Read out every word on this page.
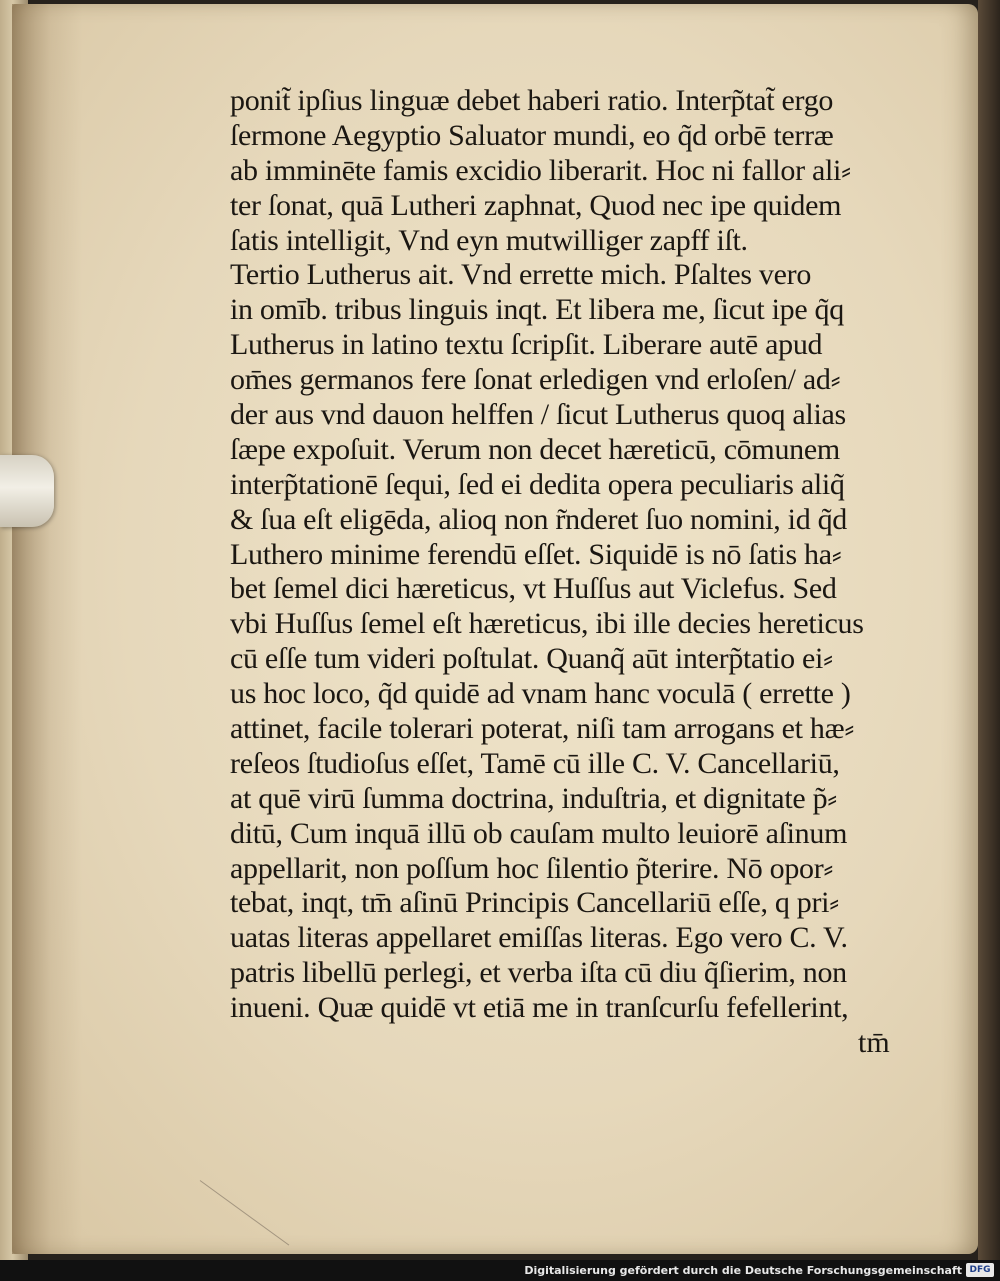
ponit̃ ipſius linguæ debet haberi ratio. Interp̃tat̃ ergo
ſermone Aegyptio Saluator mundi, eo q̃d orbē terræ
ab imminēte famis excidio liberarit. Hoc ni fallor ali⸗
ter ſonat, quā Lutheri zaphnat, Quod nec ipe quidem
ſatis intelligit, Vnd eyn mutwilliger zapff iſt.
Tertio Lutherus ait. Vnd errette mich. Pſaltes vero
in omīb. tribus linguis inqt. Et libera me, ſicut ipe q̃q
Lutherus in latino textu ſcripſit. Liberare autē apud
om̄es germanos fere ſonat erledigen vnd erloſen/ ad⸗
der aus vnd dauon helffen / ſicut Lutherus quoq alias
ſæpe expoſuit. Verum non decet hæreticū, cōmunem
interp̃tationē ſequi, ſed ei dedita opera peculiaris aliq̃
& ſua eſt eligēda, alioq non r̃nderet ſuo nomini, id q̃d
Luthero minime ferendū eſſet. Siquidē is nō ſatis ha⸗
bet ſemel dici hæreticus, vt Huſſus aut Viclefus. Sed
vbi Huſſus ſemel eſt hæreticus, ibi ille decies hereticus
cū eſſe tum videri poſtulat. Quanq̃ aūt interp̃tatio ei⸗
us hoc loco, q̃d quidē ad vnam hanc voculā ( errette )
attinet, facile tolerari poterat, niſi tam arrogans et hæ⸗
reſeos ſtudioſus eſſet, Tamē cū ille C. V. Cancellariū,
at quē virū ſumma doctrina, induſtria, et dignitate p̃⸗
ditū, Cum inquā illū ob cauſam multo leuiorē aſinum
appellarit, non poſſum hoc ſilentio p̃terire. Nō opor⸗
tebat, inqt, tm̄ aſinū Principis Cancellariū eſſe, q pri⸗
uatas literas appellaret emiſſas literas. Ego vero C. V.
patris libellū perlegi, et verba iſta cū diu q̃ſierim, non
inueni. Quæ quidē vt etiā me in tranſcurſu fefellerint,
tm̄
Digitalisierung gefördert durch die Deutsche Forschungsgemeinschaft DFG
